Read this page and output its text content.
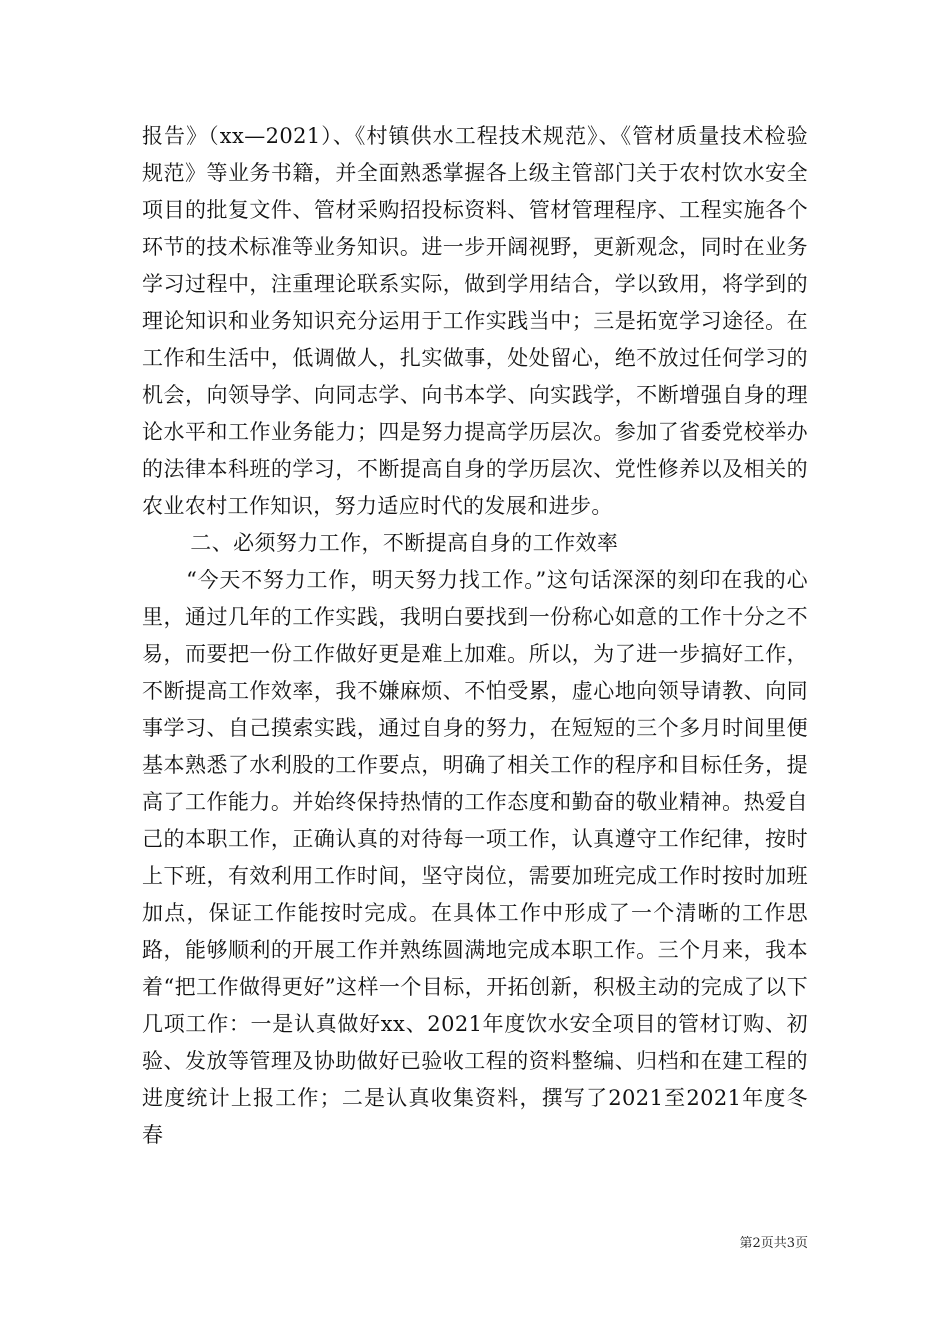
报告》（xx—2021）、《村镇供水工程技术规范》、《管材质量技术检验规范》等业务书籍，并全面熟悉掌握各上级主管部门关于农村饮水安全项目的批复文件、管材采购招投标资料、管材管理程序、工程实施各个环节的技术标准等业务知识。进一步开阔视野，更新观念，同时在业务学习过程中，注重理论联系实际，做到学用结合，学以致用，将学到的理论知识和业务知识充分运用于工作实践当中；三是拓宽学习途径。在工作和生活中，低调做人，扎实做事，处处留心，绝不放过任何学习的机会，向领导学、向同志学、向书本学、向实践学，不断增强自身的理论水平和工作业务能力；四是努力提高学历层次。参加了省委党校举办的法律本科班的学习，不断提高自身的学历层次、党性修养以及相关的农业农村工作知识，努力适应时代的发展和进步。

二、必须努力工作，不断提高自身的工作效率

“今天不努力工作，明天努力找工作。”这句话深深的刻印在我的心里，通过几年的工作实践，我明白要找到一份称心如意的工作十分之不易，而要把一份工作做好更是难上加难。所以，为了进一步搞好工作，不断提高工作效率，我不嫌麻烦、不怕受累，虚心地向领导请教、向同事学习、自己摸索实践，通过自身的努力，在短短的三个多月时间里便基本熟悉了水利股的工作要点，明确了相关工作的程序和目标任务，提高了工作能力。并始终保持热情的工作态度和勤奋的敬业精神。热爱自己的本职工作，正确认真的对待每一项工作，认真遵守工作纪律，按时上下班，有效利用工作时间，坚守岗位，需要加班完成工作时按时加班加点，保证工作能按时完成。在具体工作中形成了一个清晰的工作思路，能够顺利的开展工作并熟练圆满地完成本职工作。三个月来，我本着“把工作做得更好”这样一个目标，开拓创新，积极主动的完成了以下几项工作：一是认真做好xx、2021年度饮水安全项目的管材订购、初验、发放等管理及协助做好已验收工程的资料整编、归档和在建工程的进度统计上报工作；二是认真收集资料，撰写了2021至2021年度冬春

第2页共3页
